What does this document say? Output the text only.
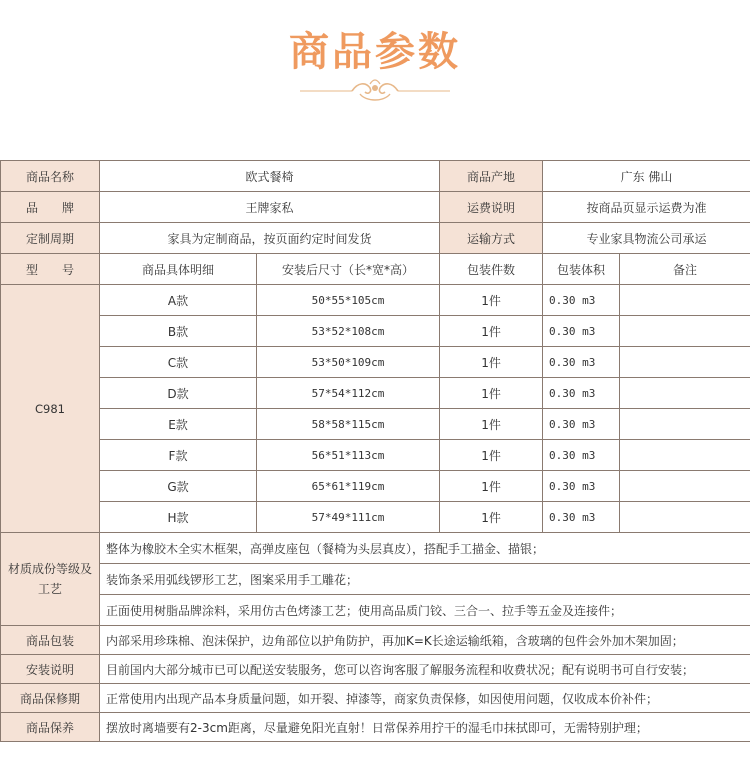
商品参数
商品名称	欧式餐椅		商品产地	广东 佛山	
品　　牌	王牌家私		运费说明	按商品页显示运费为准	
定制周期	家具为定制商品，按页面约定时间发货		运输方式	专业家具物流公司承运	
型　　号	商品具体明细	安装后尺寸（长*宽*高）	包装件数	包装体积	备注
C981	A款	50*55*105cm	1件	0.30 m3	
	B款	53*52*108cm	1件	0.30 m3	
	C款	53*50*109cm	1件	0.30 m3	
	D款	57*54*112cm	1件	0.30 m3	
	E款	58*58*115cm	1件	0.30 m3	
	F款	56*51*113cm	1件	0.30 m3	
	G款	65*61*119cm	1件	0.30 m3	
	H款	57*49*111cm	1件	0.30 m3	
材质成份等级及工艺	整体为橡胶木全实木框架，高弹皮座包（餐椅为头层真皮），搭配手工描金、描银；				
	装饰条采用弧线锣形工艺，图案采用手工雕花；				
	正面使用树脂品牌涂料，采用仿古色烤漆工艺；使用高品质门铰、三合一、拉手等五金及连接件；				
商品包装	内部采用珍珠棉、泡沫保护，边角部位以护角防护，再加K=K长途运输纸箱，含玻璃的包件会外加木架加固；				
安装说明	目前国内大部分城市已可以配送安装服务，您可以咨询客服了解服务流程和收费状况；配有说明书可自行安装；				
商品保修期	正常使用内出现产品本身质量问题，如开裂、掉漆等，商家负责保修，如因使用问题，仅收成本价补件；				
商品保养	摆放时离墙要有2-3cm距离，尽量避免阳光直射！日常保养用拧干的湿毛巾抹拭即可，无需特别护理；				
